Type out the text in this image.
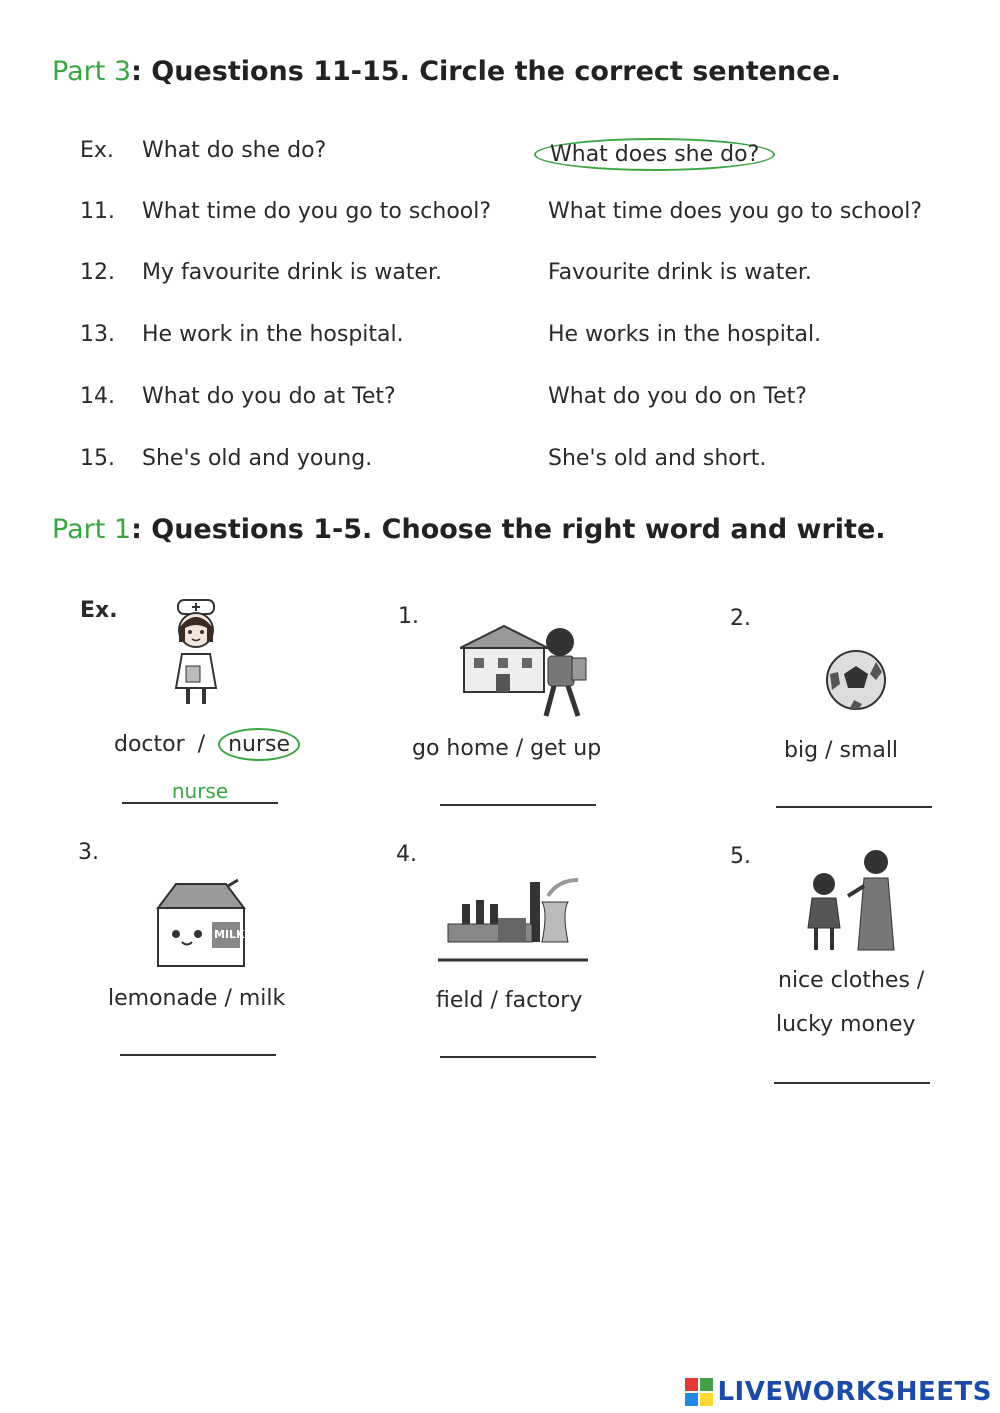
Part 3: Questions 11-15. Circle the correct sentence.
Ex. What do she do?	What does she do?
11. What time do you go to school?	What time does you go to school?
12. My favourite drink is water.	Favourite drink is water.
13. He work in the hospital.	He works in the hospital.
14. What do you do at Tet?	What do you do on Tet?
15. She's old and young.	She's old and short.
Part 1: Questions 1-5. Choose the right word and write.
Ex.
doctor / nurse
nurse
1.
go home / get up
2.
big / small
3.
MILK
lemonade / milk
4.
field / factory
5.
nice clothes /
lucky money
LIVEWORKSHEETS
